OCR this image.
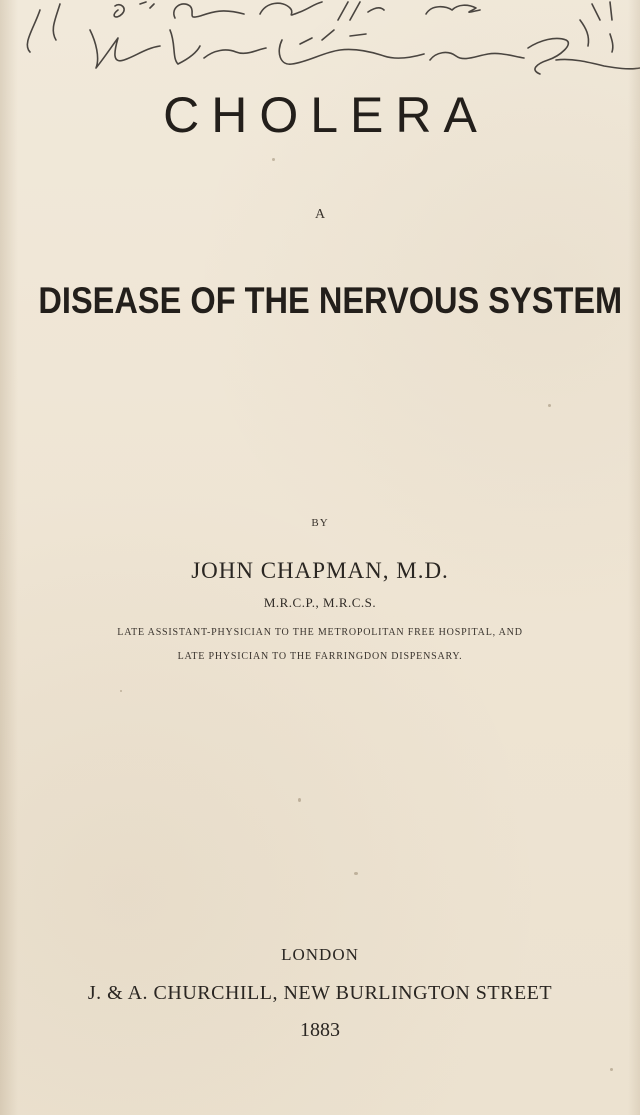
CHOLERA

A

DISEASE OF THE NERVOUS SYSTEM

BY

JOHN CHAPMAN, M.D.

M.R.C.P., M.R.C.S.

LATE ASSISTANT-PHYSICIAN TO THE METROPOLITAN FREE HOSPITAL, AND

LATE PHYSICIAN TO THE FARRINGDON DISPENSARY.

LONDON

J. & A. CHURCHILL, NEW BURLINGTON STREET

1883
